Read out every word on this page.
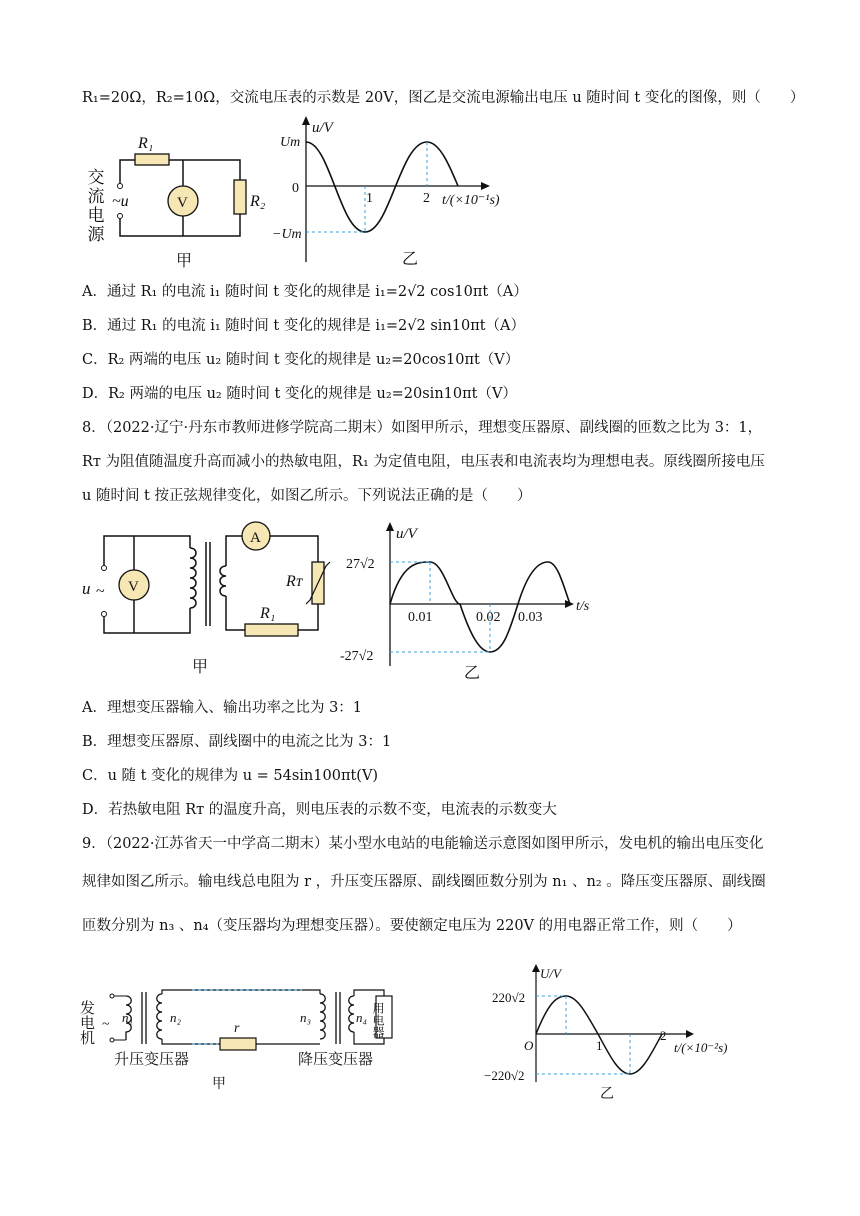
R₁=20Ω，R₂=10Ω，交流电压表的示数是 20V，图乙是交流电源输出电压 u 随时间 t 变化的图像，则（　　）
交流电源 ~u
R₁
V	R₂
甲
u/V
Um
0
−Um
t/(×10⁻¹s)
1	2
乙
A．通过 R₁ 的电流 i₁ 随时间 t 变化的规律是 i₁=2√2 cos10πt（A）
B．通过 R₁ 的电流 i₁ 随时间 t 变化的规律是 i₁=2√2 sin10πt（A）
C．R₂ 两端的电压 u₂ 随时间 t 变化的规律是 u₂=20cos10πt（V）
D．R₂ 两端的电压 u₂ 随时间 t 变化的规律是 u₂=20sin10πt（V）
8．（2022·辽宁·丹东市教师进修学院高二期末）如图甲所示，理想变压器原、副线圈的匝数之比为 3：1，
Rᴛ 为阻值随温度升高而减小的热敏电阻，R₁ 为定值电阻，电压表和电流表均为理想电表。原线圈所接电压
u 随时间 t 按正弦规律变化，如图乙所示。下列说法正确的是（　　）
u ~ V
A
Rᴛ
R₁
甲
u/V
27√2
-27√2
t/s
0.01	0.02 0.03
乙
A．理想变压器输入、输出功率之比为 3：1
B．理想变压器原、副线圈中的电流之比为 3：1
C．u 随 t 变化的规律为 u = 54sin100πt(V)
D．若热敏电阻 Rᴛ 的温度升高，则电压表的示数不变，电流表的示数变大
9．（2022·江苏省天一中学高二期末）某小型水电站的电能输送示意图如图甲所示，发电机的输出电压变化
规律如图乙所示。输电线总电阻为 r ，升压变压器原、副线圈匝数分别为 n₁ 、n₂ 。降压变压器原、副线圈
匝数分别为 n₃ 、n₄（变压器均为理想变压器）。要使额定电压为 220V 的用电器正常工作，则（　　）
发电机 ~ n₁	n₂
r
n₃	n₄ 用电器
升压变压器	降压变压器
甲
U/V
220√2
O
−220√2
1
2
t/(×10⁻²s)
乙
